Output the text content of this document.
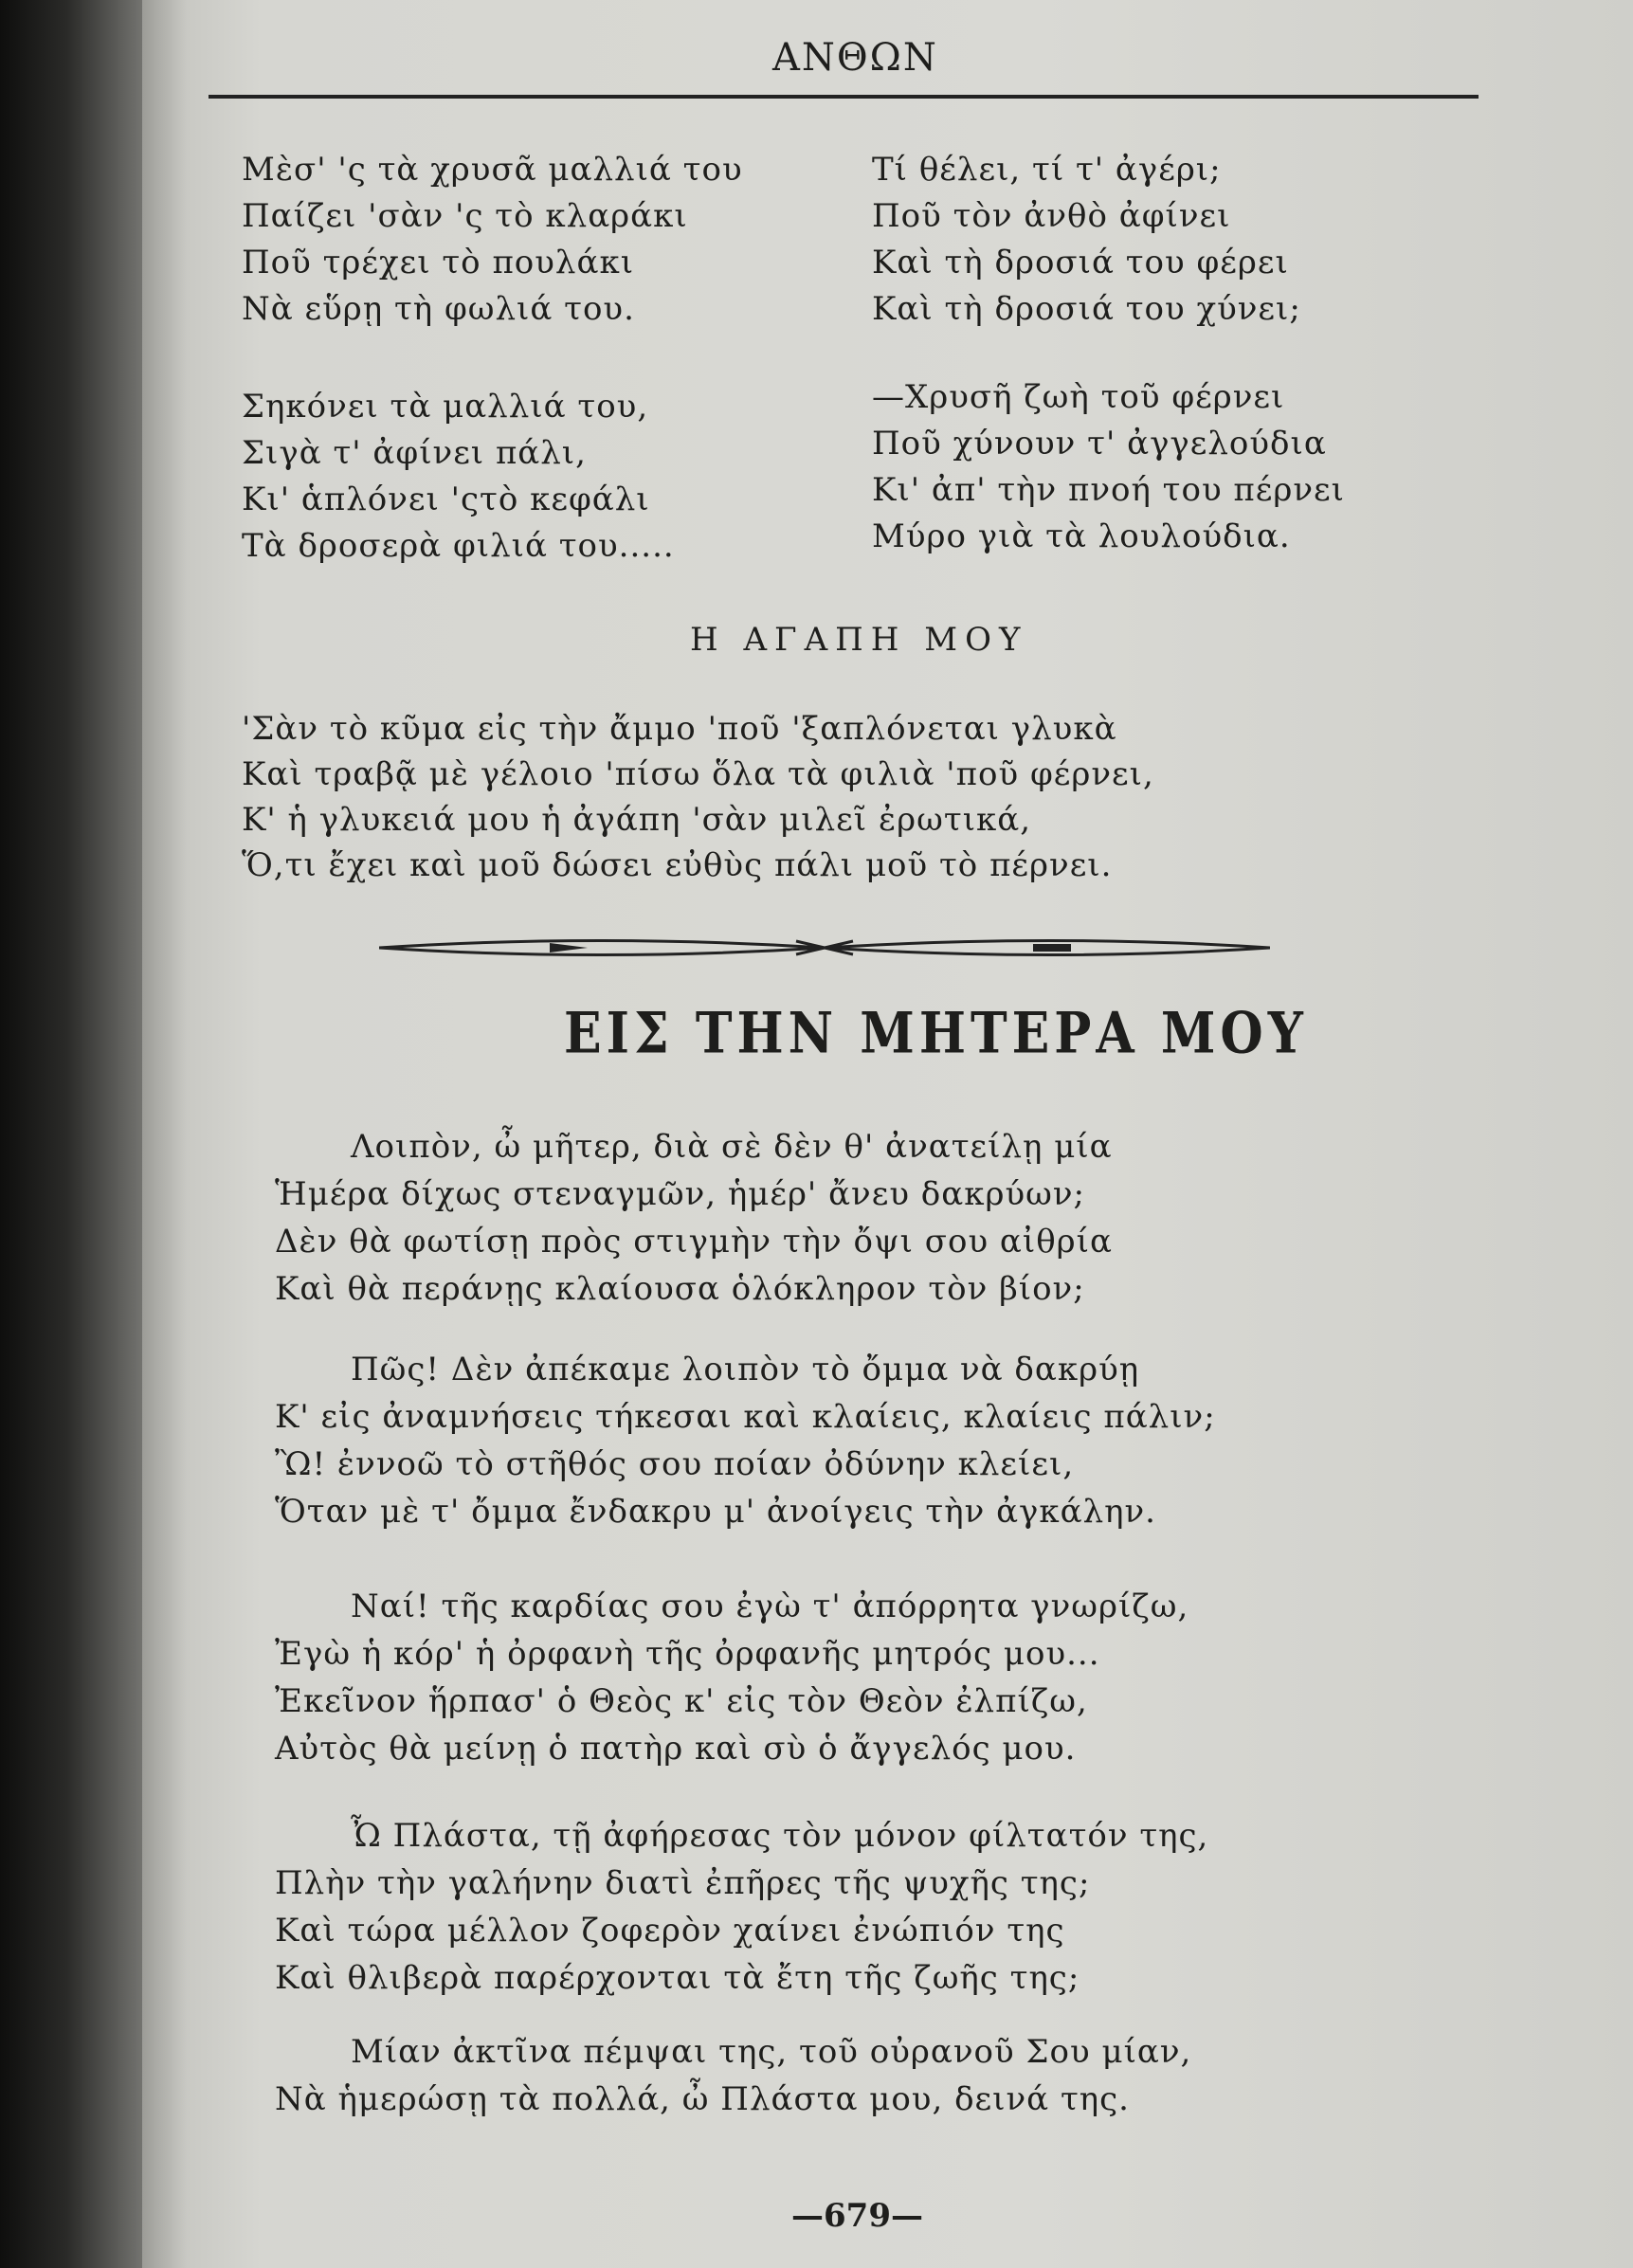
ΑΝΘΩΝ
Μὲσ' 'ς τὰ χρυσᾶ μαλλιά του
Παίζει 'σὰν 'ς τὸ κλαράκι
Ποῦ τρέχει τὸ πουλάκι
Νὰ εὕρῃ τὴ φωλιά του.
Σηκόνει τὰ μαλλιά του,
Σιγὰ τ' ἀφίνει πάλι,
Κι' ἁπλόνει 'ςτὸ κεφάλι
Τὰ δροσερὰ φιλιά του.....
Τί θέλει, τί τ' ἀγέρι;
Ποῦ τὸν ἀνθὸ ἀφίνει
Καὶ τὴ δροσιά του φέρει
Καὶ τὴ δροσιά του χύνει;
—Χρυσῆ ζωὴ τοῦ φέρνει
Ποῦ χύνουν τ' ἀγγελούδια
Κι' ἀπ' τὴν πνοή του πέρνει
Μύρο γιὰ τὰ λουλούδια.
Η ΑΓΑΠΗ ΜΟΥ
'Σὰν τὸ κῦμα εἰς τὴν ἄμμο 'ποῦ 'ξαπλόνεται γλυκὰ
Καὶ τραβᾷ μὲ γέλοιο 'πίσω ὅλα τὰ φιλιὰ 'ποῦ φέρνει,
Κ' ἡ γλυκειά μου ἡ ἀγάπη 'σὰν μιλεῖ ἐρωτικά,
Ὅ,τι ἔχει καὶ μοῦ δώσει εὐθὺς πάλι μοῦ τὸ πέρνει.
ΕΙΣ ΤΗΝ ΜΗΤΕΡΑ ΜΟΥ
Λοιπὸν, ὦ μῆτερ, διὰ σὲ δὲν θ' ἀνατείλῃ μία
Ἡμέρα δίχως στεναγμῶν, ἡμέρ' ἄνευ δακρύων;
Δὲν θὰ φωτίσῃ πρὸς στιγμὴν τὴν ὄψι σου αἰθρία
Καὶ θὰ περάνῃς κλαίουσα ὁλόκληρον τὸν βίον;
Πῶς! Δὲν ἀπέκαμε λοιπὸν τὸ ὄμμα νὰ δακρύῃ
Κ' εἰς ἀναμνήσεις τήκεσαι καὶ κλαίεις, κλαίεις πάλιν;
Ὢ! ἐννοῶ τὸ στῆθός σου ποίαν ὀδύνην κλείει,
Ὅταν μὲ τ' ὄμμα ἔνδακρυ μ' ἀνοίγεις τὴν ἀγκάλην.
Ναί! τῆς καρδίας σου ἐγὼ τ' ἀπόρρητα γνωρίζω,
Ἐγὼ ἡ κόρ' ἡ ὀρφανὴ τῆς ὀρφανῆς μητρός μου...
Ἐκεῖνον ἥρπασ' ὁ Θεὸς κ' εἰς τὸν Θεὸν ἐλπίζω,
Αὐτὸς θὰ μείνῃ ὁ πατὴρ καὶ σὺ ὁ ἄγγελός μου.
Ὦ Πλάστα, τῇ ἀφήρεσας τὸν μόνον φίλτατόν της,
Πλὴν τὴν γαλήνην διατὶ ἐπῆρες τῆς ψυχῆς της;
Καὶ τώρα μέλλον ζοφερὸν χαίνει ἐνώπιόν της
Καὶ θλιβερὰ παρέρχονται τὰ ἔτη τῆς ζωῆς της;
Μίαν ἀκτῖνα πέμψαι της, τοῦ οὐρανοῦ Σου μίαν,
Νὰ ἡμερώσῃ τὰ πολλά, ὦ Πλάστα μου, δεινά της.
—679—
